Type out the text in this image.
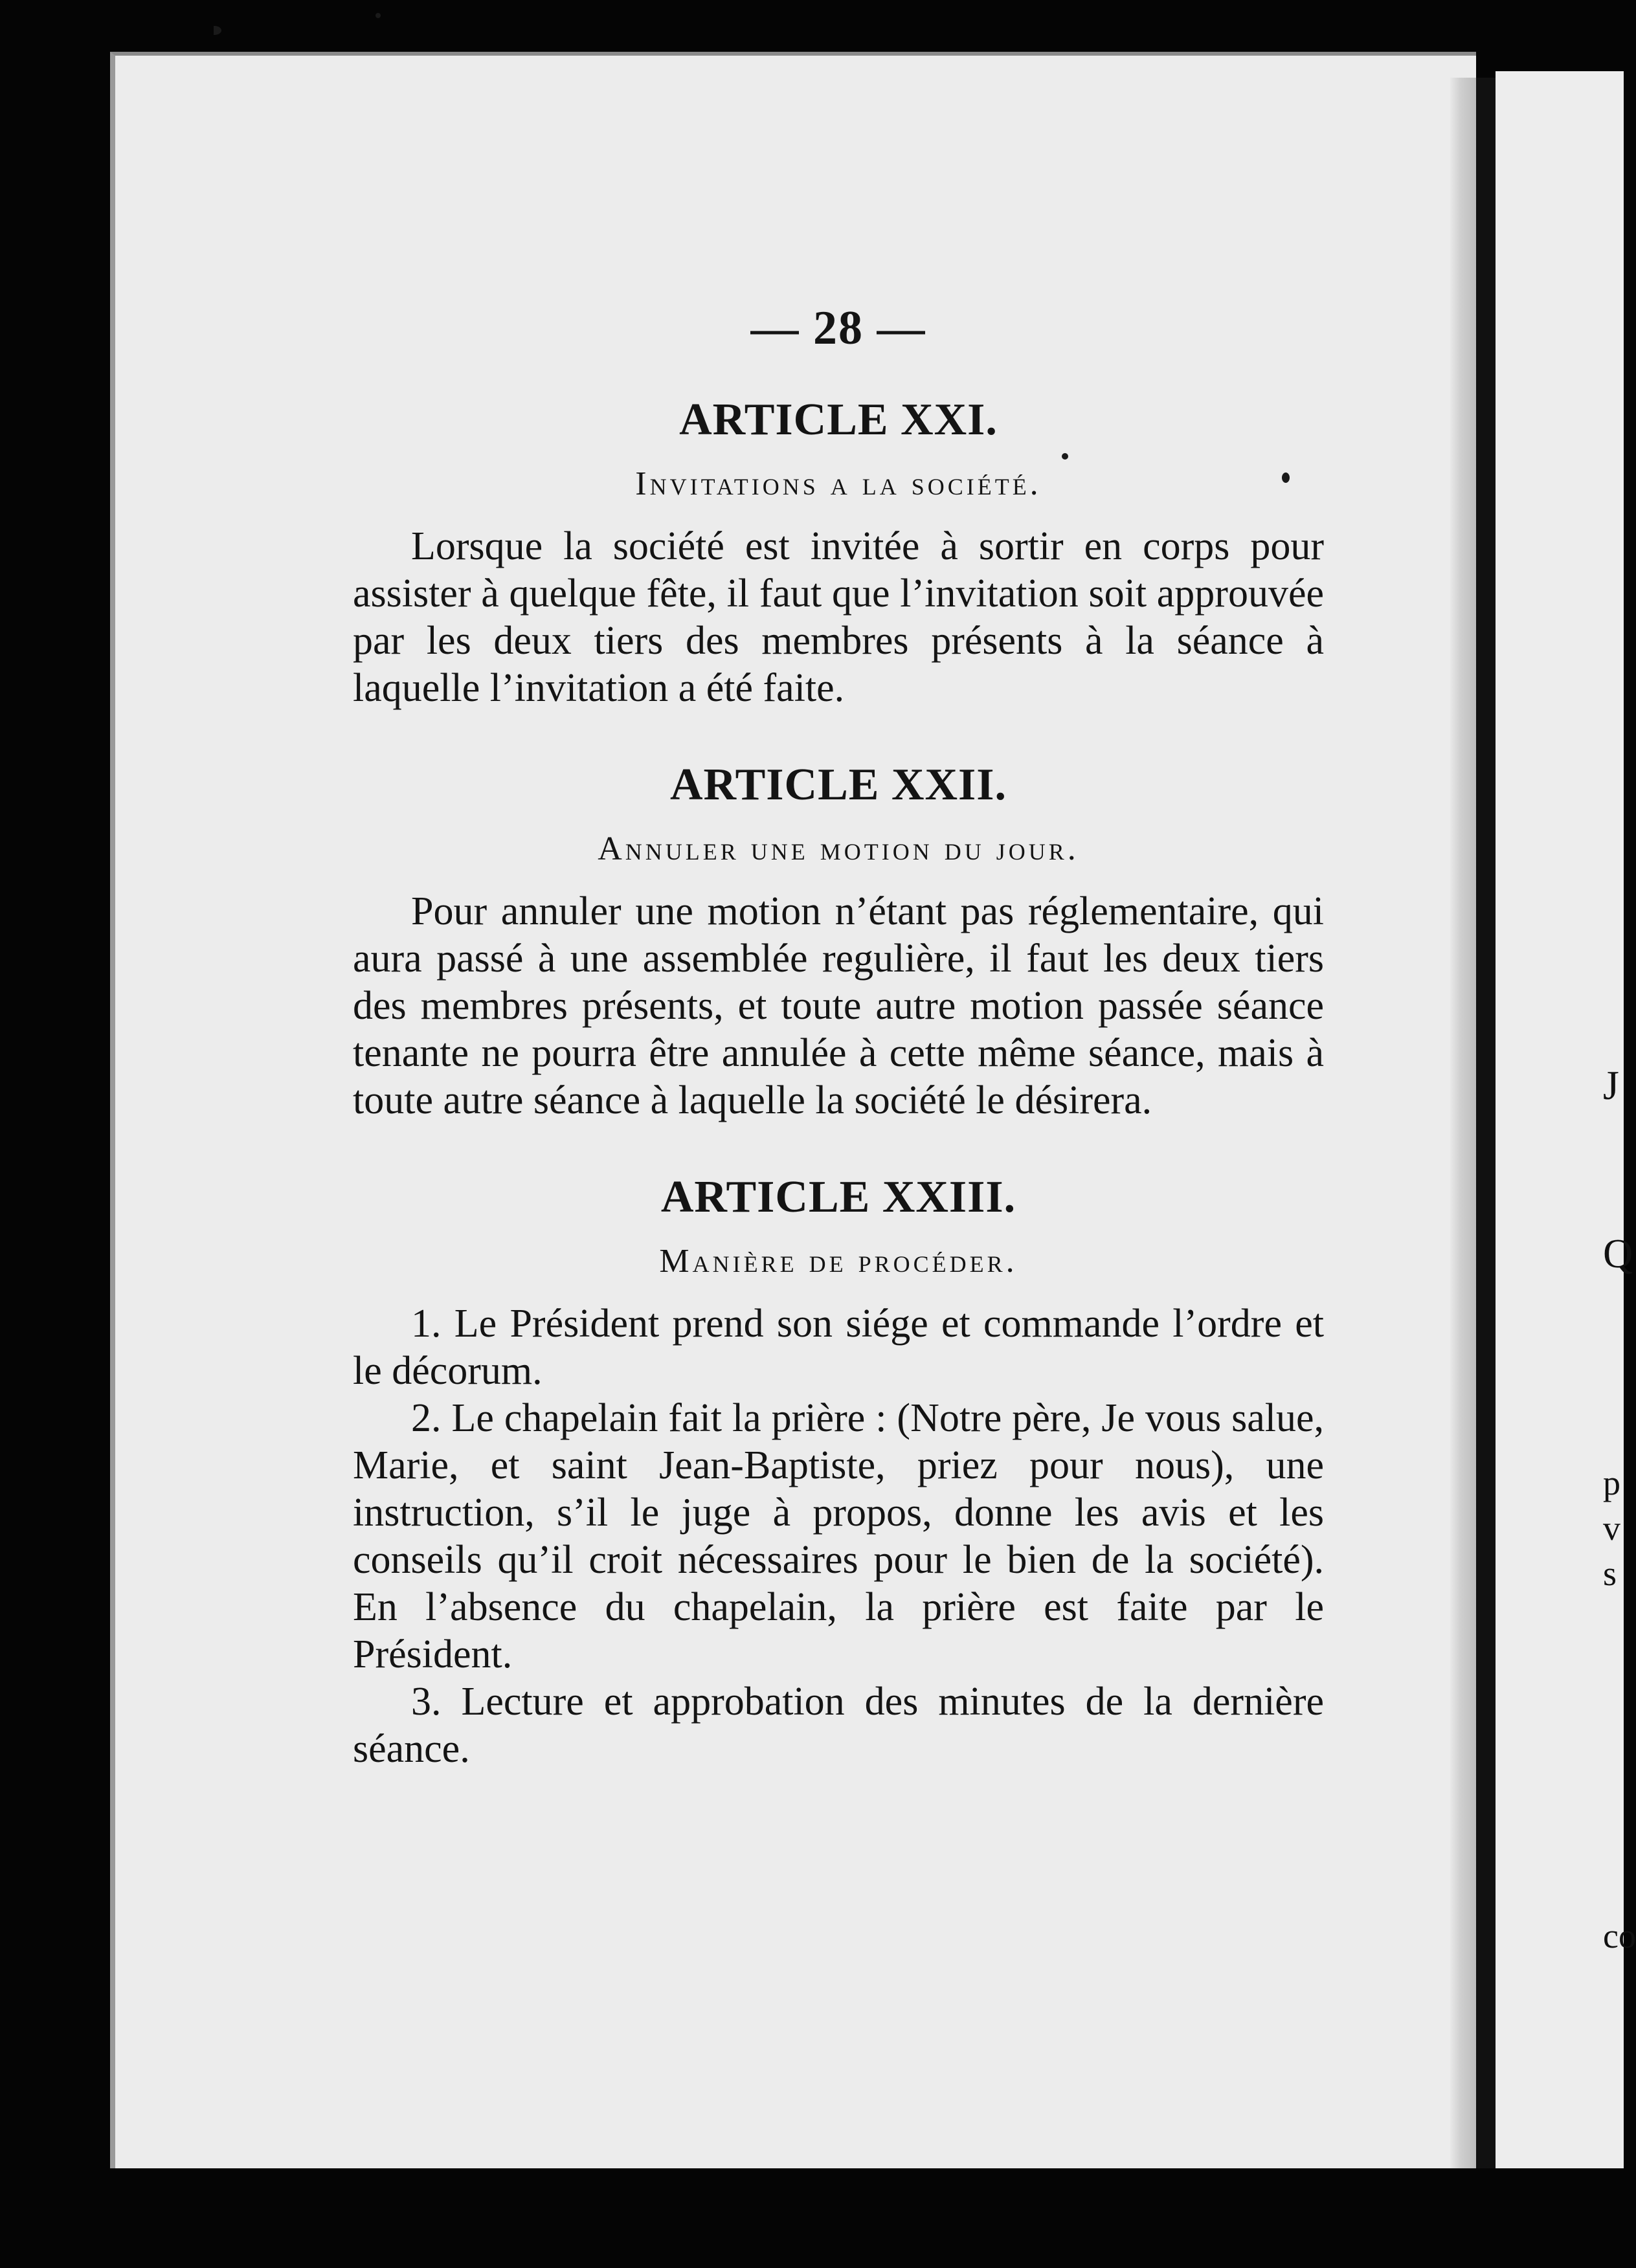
J
Q
p
v
s
co
— 28 —
ARTICLE XXI.
Invitations a la société.

Lorsque la société est invitée à sortir en corps pour assister à quelque fête, il faut que l’invitation soit approuvée par les deux tiers des membres présents à la séance à laquelle l’invitation a été faite.

ARTICLE XXII.
Annuler une motion du jour.

Pour annuler une motion n’étant pas réglementaire, qui aura passé à une assemblée regulière, il faut les deux tiers des membres présents, et toute autre motion passée séance tenante ne pourra être annulée à cette même séance, mais à toute autre séance à laquelle la société le désirera.

ARTICLE XXIII.
Manière de procéder.

1. Le Président prend son siége et commande l’ordre et le décorum.

2. Le chapelain fait la prière : (Notre père, Je vous salue, Marie, et saint Jean-Baptiste, priez pour nous), une instruction, s’il le juge à propos, donne les avis et les conseils qu’il croit nécessaires pour le bien de la société). En l’absence du chapelain, la prière est faite par le Président.

3. Lecture et approbation des minutes de la dernière séance.
